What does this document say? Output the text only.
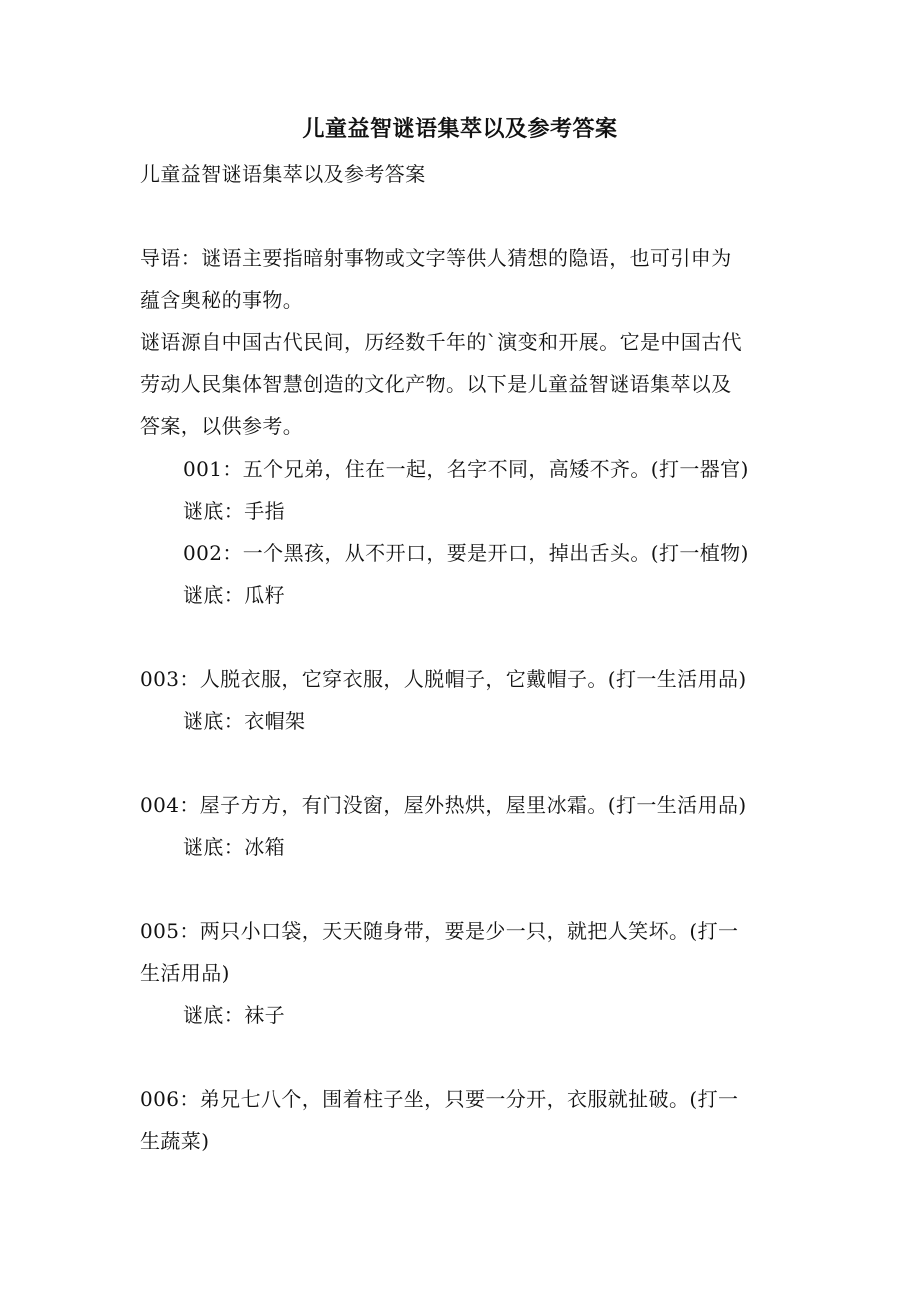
儿童益智谜语集萃以及参考答案

儿童益智谜语集萃以及参考答案

导语：谜语主要指暗射事物或文字等供人猜想的隐语，也可引申为

蕴含奥秘的事物。

谜语源自中国古代民间，历经数千年的`演变和开展。它是中国古代

劳动人民集体智慧创造的文化产物。以下是儿童益智谜语集萃以及

答案，以供参考。

001：五个兄弟，住在一起，名字不同，高矮不齐。(打一器官)

谜底：手指

002：一个黑孩，从不开口，要是开口，掉出舌头。(打一植物)

谜底：瓜籽

003：人脱衣服，它穿衣服，人脱帽子，它戴帽子。(打一生活用品)

谜底：衣帽架

004：屋子方方，有门没窗，屋外热烘，屋里冰霜。(打一生活用品)

谜底：冰箱

005：两只小口袋，天天随身带，要是少一只，就把人笑坏。(打一

生活用品)

谜底：袜子

006：弟兄七八个，围着柱子坐，只要一分开，衣服就扯破。(打一

生蔬菜)
